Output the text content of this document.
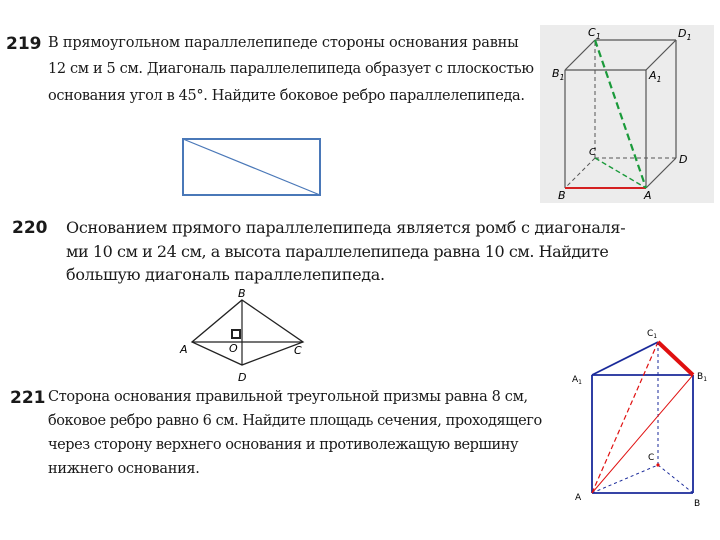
219 В прямоугольном параллелепипеде стороны основания равны
12 см и 5 см. Диагональ параллелепипеда образует с плоскостью
основания угол в 45°. Найдите боковое ребро параллелепипеда.
$C_1$	$D_1$
$B_1$	$A_1$
C
D
B	A
220 Основанием прямого параллелепипеда является ромб с диагоналя-
ми 10 см и 24 см, а высота параллелепипеда равна 10 см. Найдите
большую диагональ параллелепипеда.
B
A	O	C
D
221 Сторона основания правильной треугольной призмы равна 8 см,
боковое ребро равно 6 см. Найдите площадь сечения, проходящего
через сторону верхнего основания и противолежащую вершину
нижнего основания.
$C_1$
$A_1$
$B_1$
C
A
B
